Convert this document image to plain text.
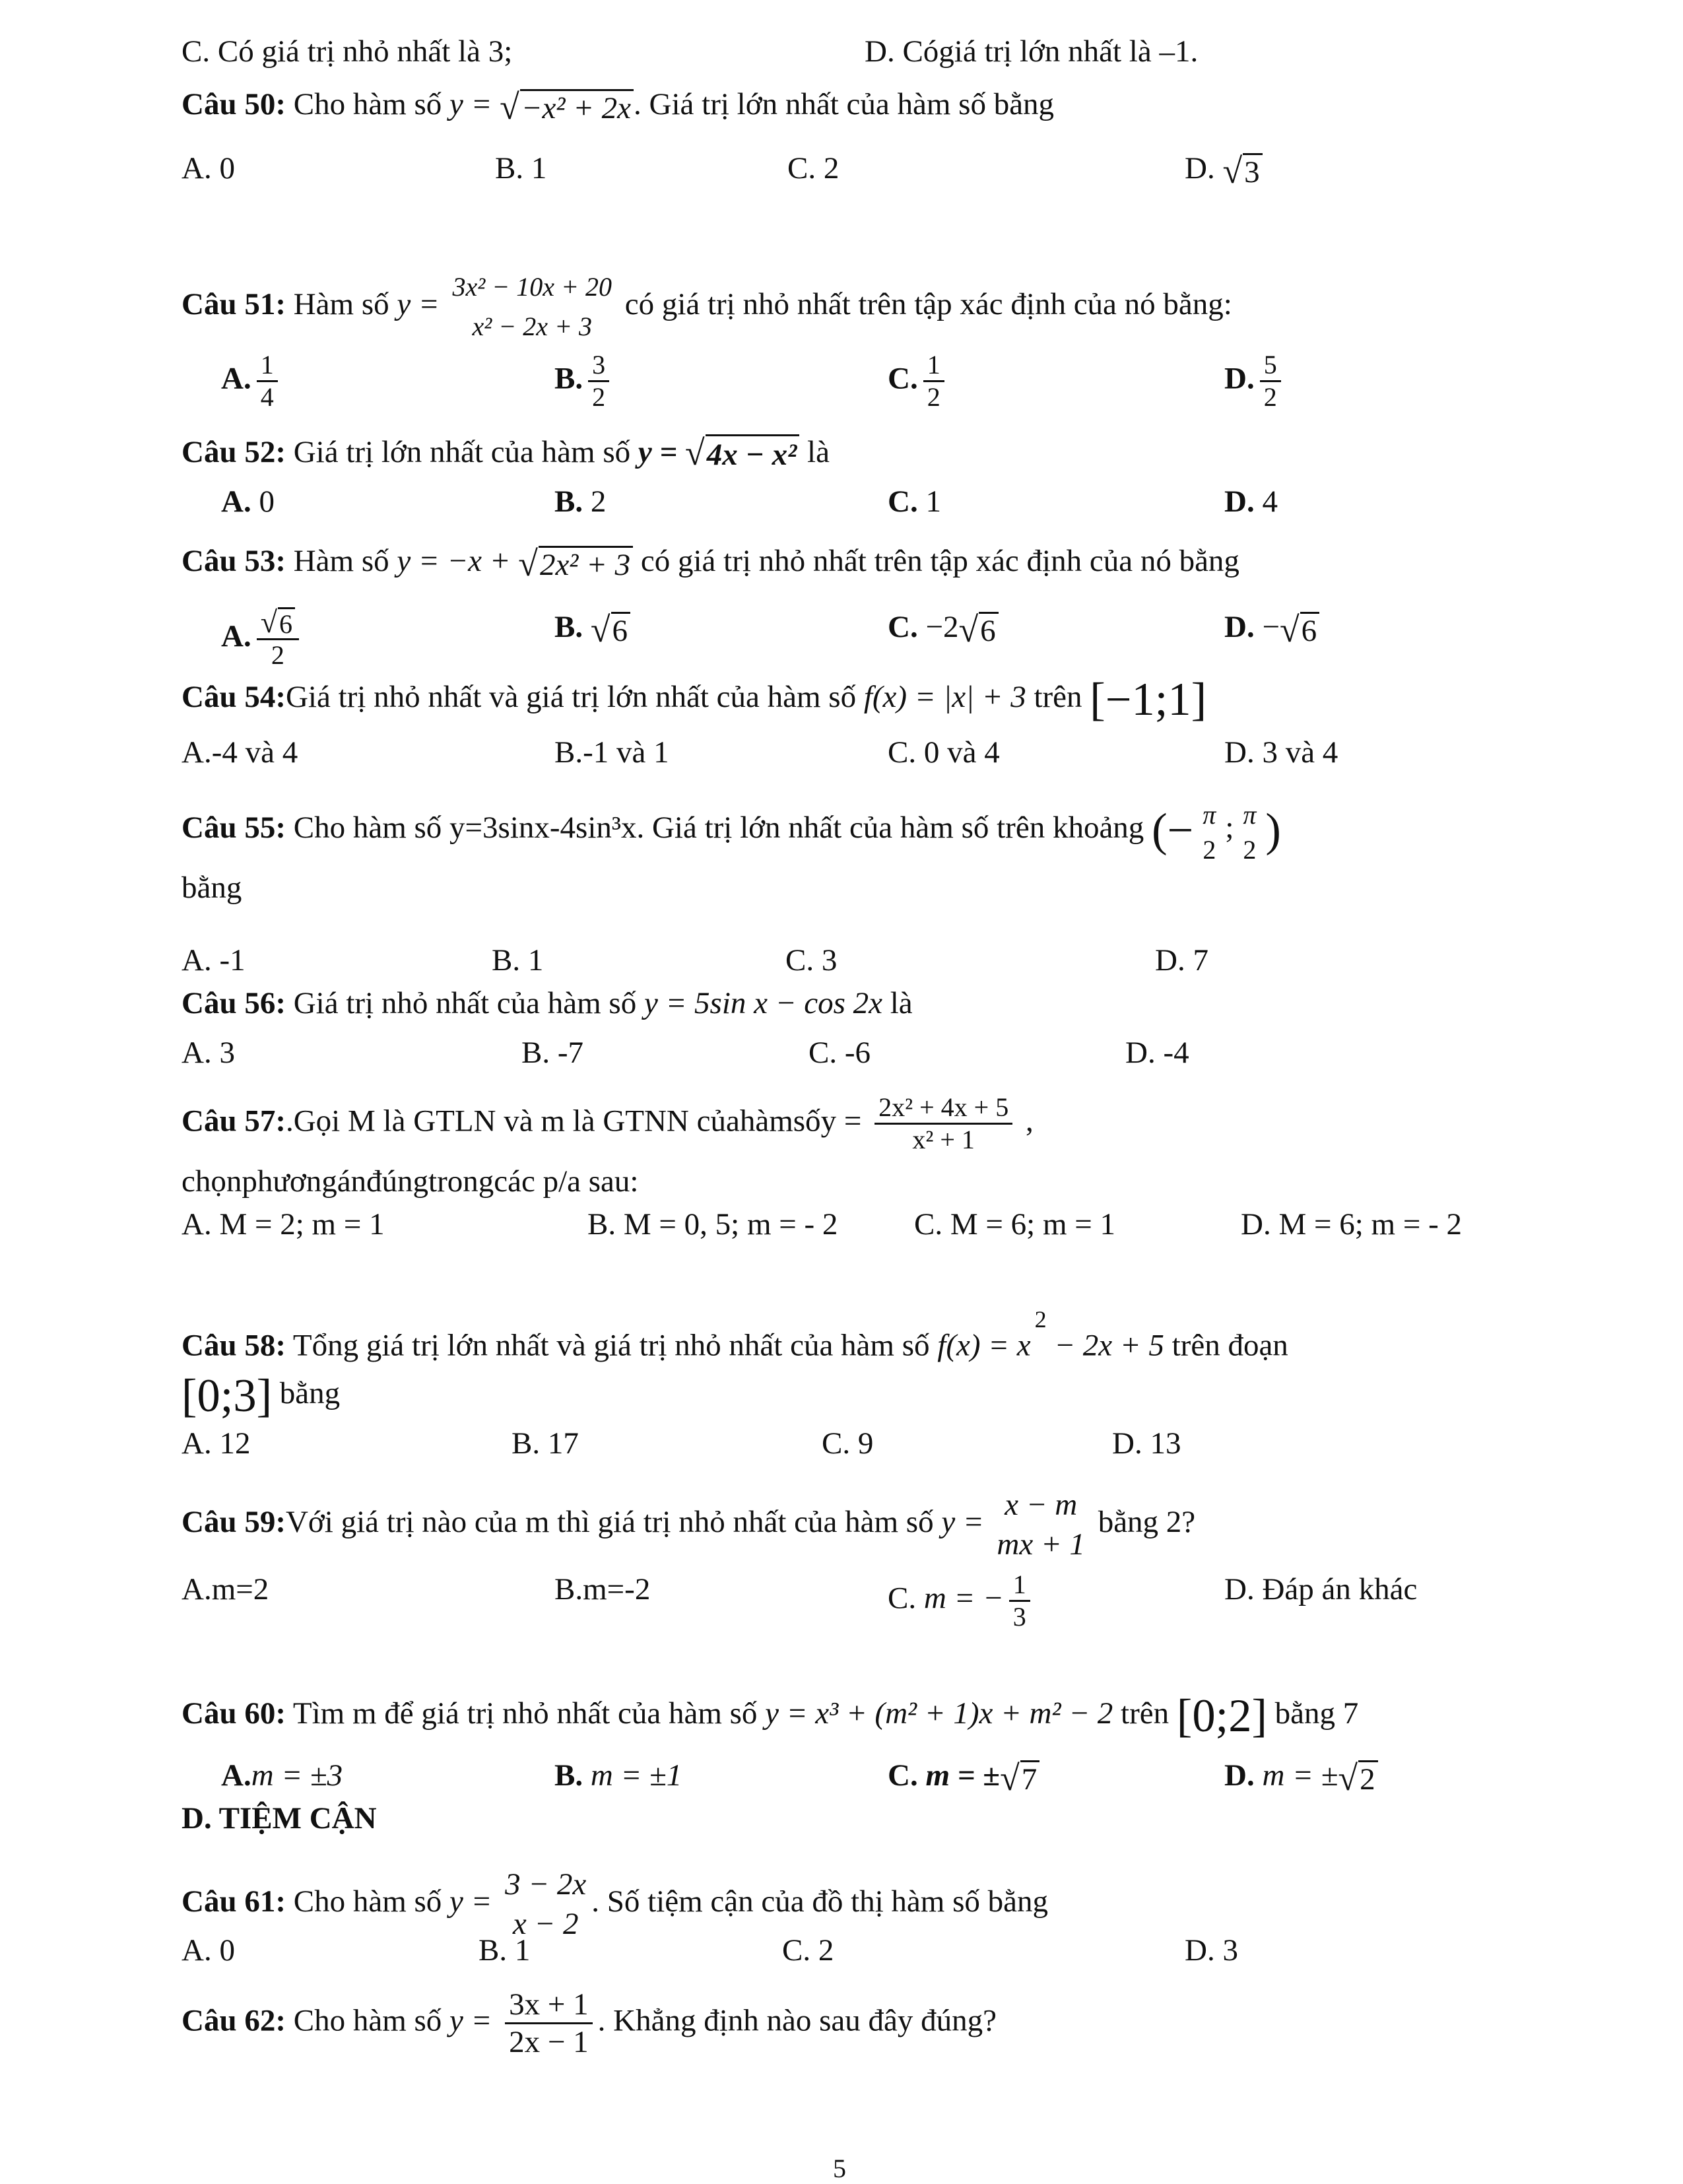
C. Có giá trị nhỏ nhất là 3;	D. Cógiá trị lớn nhất là –1.
Câu 50: Cho hàm số y = √ −x² + 2x . Giá trị lớn nhất của hàm số bằng
A. 0	B. 1	C. 2	D. √ 3
Câu 51: Hàm số y =
3x² − 10x + 20
x² − 2x + 3
có giá trị nhỏ nhất trên tập xác định của nó bằng:
A. $\frac{1}{4}$	B. $\frac{3}{2}$	C. $\frac{1}{2}$	D. $\frac{5}{2}$
Câu 52: Giá trị lớn nhất của hàm số y = √ 4x − x² là
A. 0	B. 2	C. 1	D. 4
Câu 53: Hàm số y = −x + √ 2x² + 3 có giá trị nhỏ nhất trên tập xác định của nó bằng
A. $\frac{√ 6}{2}$	B. √ 6	C. −2 √ 6	D. − √ 6
Câu 54:Giá trị nhỏ nhất và giá trị lớn nhất của hàm số f(x) = |x| + 3 trên [−1;1]
A.-4 và 4	B.-1 và 1	C. 0 và 4	D. 3 và 4
Câu 55: Cho hàm số y=3sinx-4sin³x. Giá trị lớn nhất của hàm số trên khoảng (− π
2
; π
2 )
bằng
A. -1	B. 1	C. 3	D. 7
Câu 56: Giá trị nhỏ nhất của hàm số y = 5sin x − cos 2x là
A. 3	B. -7	C. -6	D. -4
Câu 57:.Gọi M là GTLN và m là GTNN củahàmsốy = $\frac{\text{2x² + 4x + 5}}{\text{x² + 1}}$ ,
chọnphươngánđúngtrongcác p/a sau:
A. M = 2; m = 1	B. M = 0, 5; m = - 2 C. M = 6; m = 1	D. M = 6; m = - 2
Câu 58: Tổng giá trị lớn nhất và giá trị nhỏ nhất của hàm số $f(x) = x^2 - 2x + 5$ trên đoạn
[0;3] bằng
A. 12	B. 17	C. 9	D. 13
Câu 59:Với giá trị nào của m thì giá trị nhỏ nhất của hàm số y = x − m
mx + 1
bằng 2?
A.m=2	B.m=-2	C. m = − $\frac{1}{3}$	D. Đáp án khác
Câu 60: Tìm m để giá trị nhỏ nhất của hàm số y = x³ + (m² + 1)x + m² − 2 trên [0;2] bằng 7
A.m = ±3	B. m = ±1	C. m = ± √ 7	D. m = ± √ 2
D. TIỆM CẬN
Câu 61: Cho hàm số y = 3 − 2x
x − 2
. Số tiệm cận của đồ thị hàm số bằng
A. 0	B. 1	C. 2	D. 3
Câu 62: Cho hàm số $y = \frac{3x + 1}{2x - 1}$ . Khẳng định nào sau đây đúng?
5
